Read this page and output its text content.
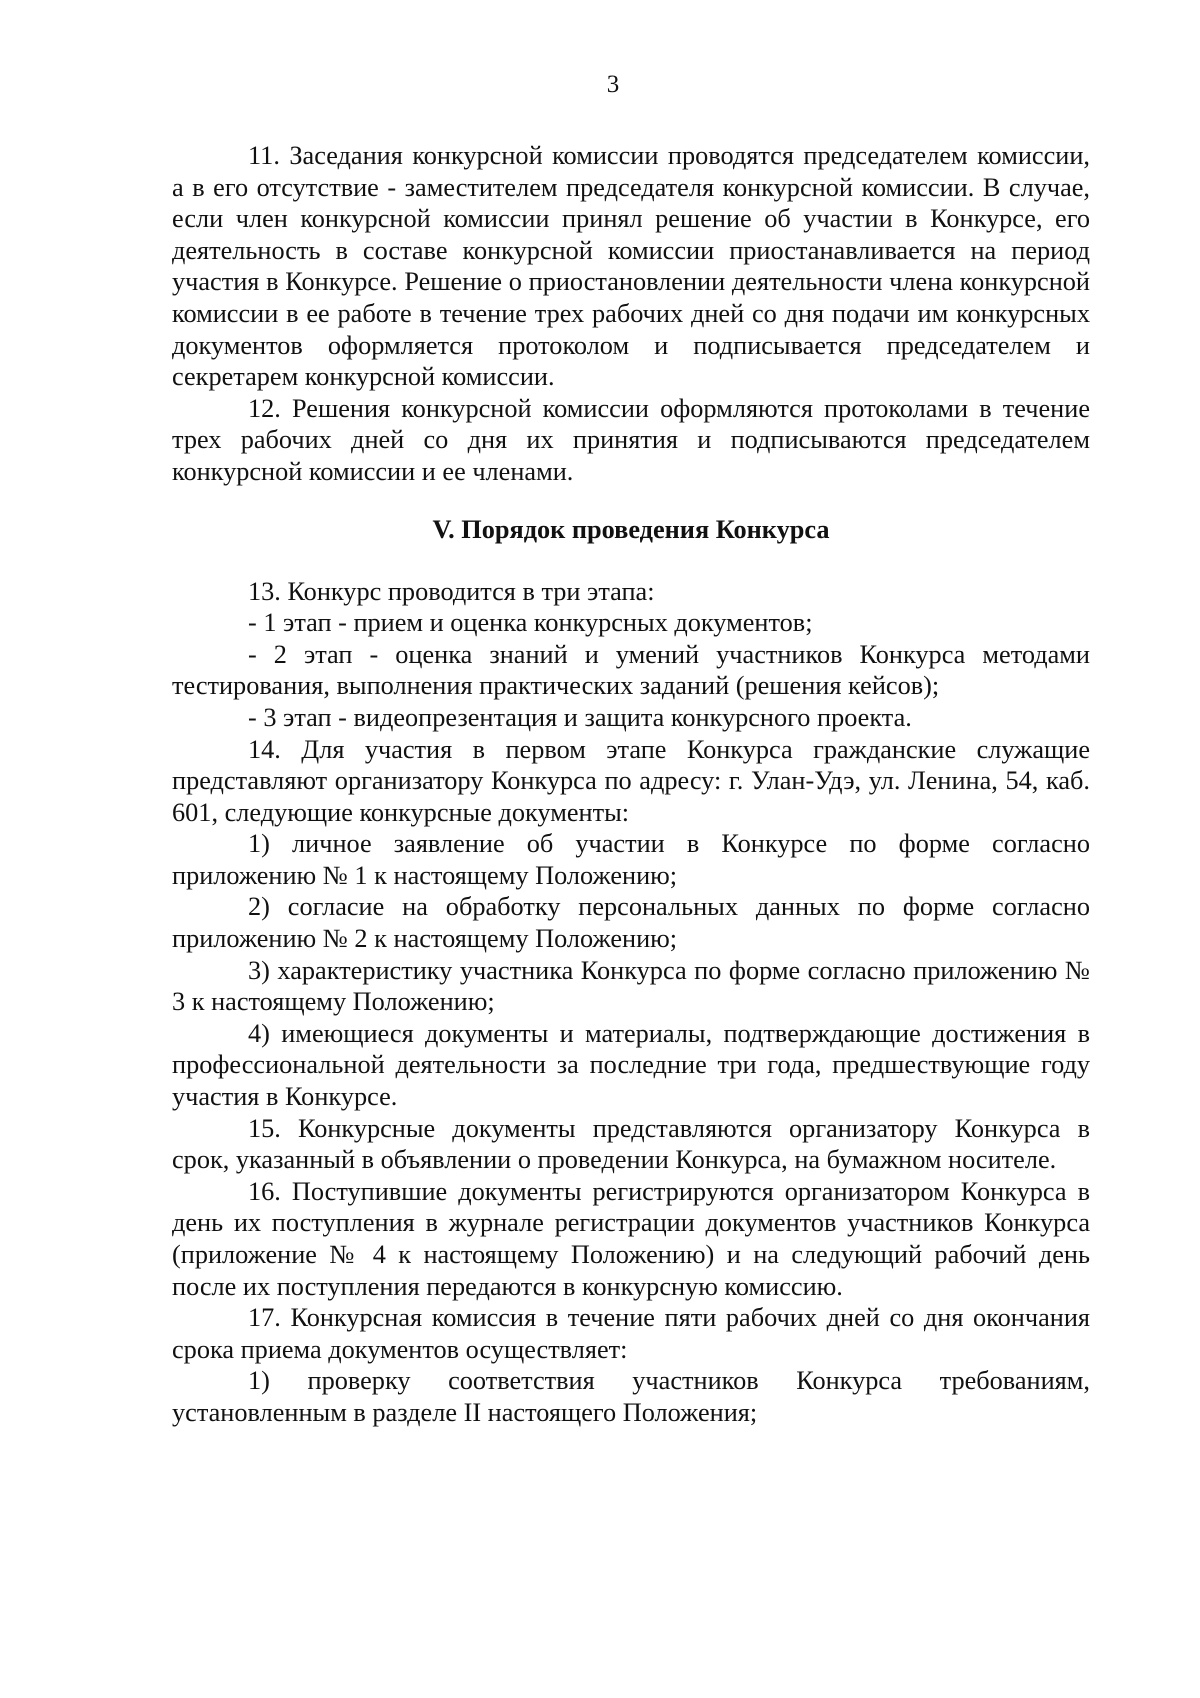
3

11. Заседания конкурсной комиссии проводятся председателем комиссии, а в его отсутствие - заместителем председателя конкурсной комиссии. В случае, если член конкурсной комиссии принял решение об участии в Конкурсе, его деятельность в составе конкурсной комиссии приостанавливается на период участия в Конкурсе. Решение о приостановлении деятельности члена конкурсной комиссии в ее работе в течение трех рабочих дней со дня подачи им конкурсных документов оформляется протоколом и подписывается председателем и секретарем конкурсной комиссии.

12. Решения конкурсной комиссии оформляются протоколами в течение трех рабочих дней со дня их принятия и подписываются председателем конкурсной комиссии и ее членами.

V. Порядок проведения Конкурса

13. Конкурс проводится в три этапа:

- 1 этап - прием и оценка конкурсных документов;

- 2 этап - оценка знаний и умений участников Конкурса методами тестирования, выполнения практических заданий (решения кейсов);

- 3 этап - видеопрезентация и защита конкурсного проекта.

14. Для участия в первом этапе Конкурса гражданские служащие представляют организатору Конкурса по адресу: г. Улан-Удэ, ул. Ленина, 54, каб. 601, следующие конкурсные документы:

1) личное заявление об участии в Конкурсе по форме согласно приложению № 1 к настоящему Положению;

2) согласие на обработку персональных данных по форме согласно приложению № 2 к настоящему Положению;

3) характеристику участника Конкурса по форме согласно приложению № 3 к настоящему Положению;

4) имеющиеся документы и материалы, подтверждающие достижения в профессиональной деятельности за последние три года, предшествующие году участия в Конкурсе.

15. Конкурсные документы представляются организатору Конкурса в срок, указанный в объявлении о проведении Конкурса, на бумажном носителе.

16. Поступившие документы регистрируются организатором Конкурса в день их поступления в журнале регистрации документов участников Конкурса (приложение № 4 к настоящему Положению) и на следующий рабочий день после их поступления передаются в конкурсную комиссию.

17. Конкурсная комиссия в течение пяти рабочих дней со дня окончания срока приема документов осуществляет:

1) проверку соответствия участников Конкурса требованиям, установленным в разделе II настоящего Положения;
